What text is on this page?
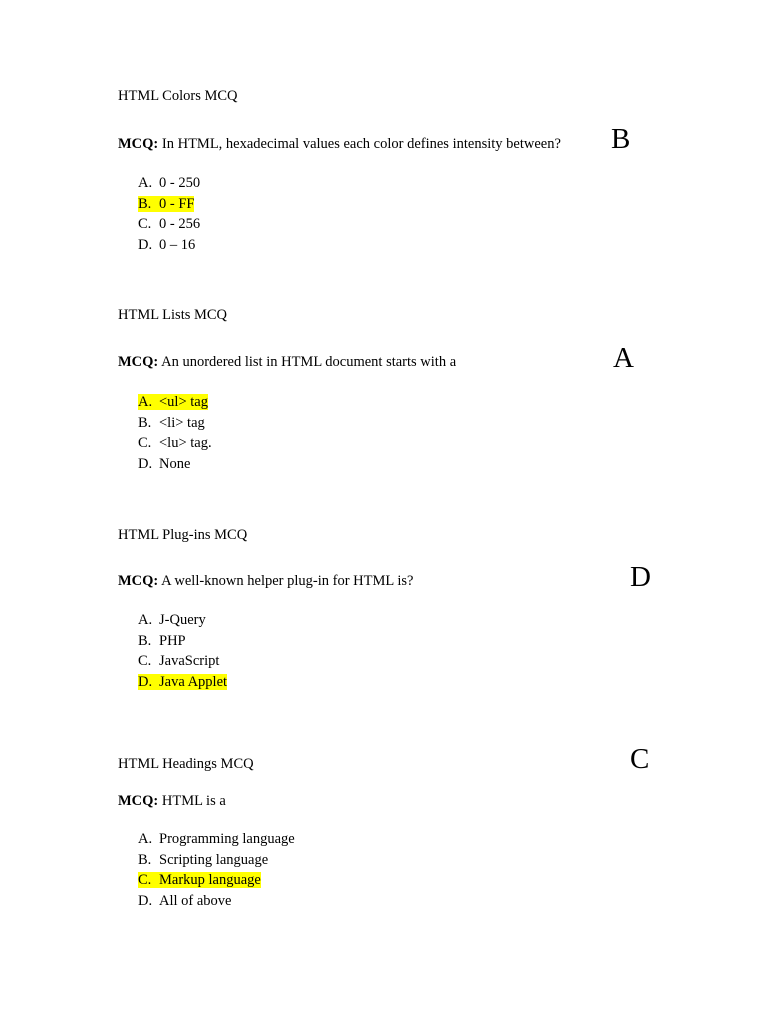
HTML Colors MCQ
MCQ: In HTML, hexadecimal values each color defines intensity between? B
A. 0 - 250
B. 0 - FF
C. 0 - 256
D. 0 – 16
HTML Lists MCQ
MCQ: An unordered list in HTML document starts with a	A
A. <ul> tag
B. <li> tag
C. <lu> tag.
D. None
HTML Plug-ins MCQ
MCQ: A well-known helper plug-in for HTML is?	D
A. J-Query
B. PHP
C. JavaScript
D. Java Applet
HTML Headings MCQ	C
MCQ: HTML is a
A. Programming language
B. Scripting language
C. Markup language
D. All of above
